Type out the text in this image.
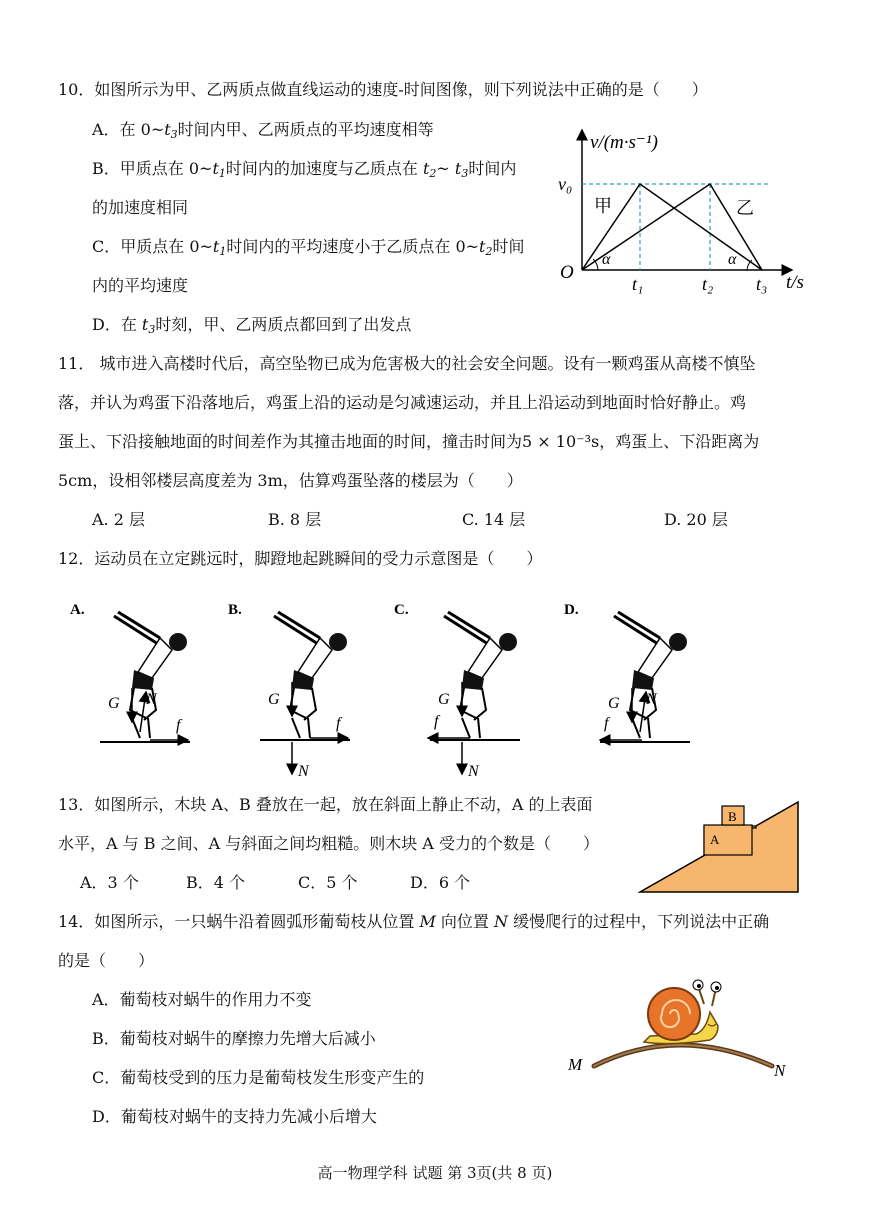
10．如图所示为甲、乙两质点做直线运动的速度-时间图像，则下列说法中正确的是（　　）
A．在 $0\sim t_3$时间内甲、乙两质点的平均速度相等
B．甲质点在 $0\sim t_1$时间内的加速度与乙质点在 $t_2\sim$ $t_3$时间内
的加速度相同
C．甲质点在 $0\sim t_1$时间内的平均速度小于乙质点在 $0\sim t_2$时间
内的平均速度
D．在 $t_3$时刻，甲、乙两质点都回到了出发点
v/(m·s⁻¹)
t/s
O
v₀
甲	乙
α	α
t₁	t₂ t₃
11． 城市进入高楼时代后，高空坠物已成为危害极大的社会安全问题。设有一颗鸡蛋从高楼不慎坠
落，并认为鸡蛋下沿落地后，鸡蛋上沿的运动是匀减速运动，并且上沿运动到地面时恰好静止。鸡
蛋上、下沿接触地面的时间差作为其撞击地面的时间，撞击时间为5 × 10⁻³s，鸡蛋上、下沿距离为
5cm，设相邻楼层高度差为 3m，估算鸡蛋坠落的楼层为（　　）
A. 2 层	B. 8 层	C. 14 层	D. 20 层
12．运动员在立定跳远时，脚蹬地起跳瞬间的受力示意图是（　　）
A.
G N
f
B.
G
N
f
C.
G
N
f
D.
G N
f
13．如图所示，木块 A、B 叠放在一起，放在斜面上静止不动，A 的上表面
水平，A 与 B 之间、A 与斜面之间均粗糙。则木块 A 受力的个数是（　　）
A．3 个	B．4 个	C．5 个	D．6 个
A
B
14．如图所示，一只蜗牛沿着圆弧形葡萄枝从位置 M 向位置 N 缓慢爬行的过程中，下列说法中正确
的是（　　）
A．葡萄枝对蜗牛的作用力不变
B．葡萄枝对蜗牛的摩擦力先增大后减小
C．葡萄枝受到的压力是葡萄枝发生形变产生的
D．葡萄枝对蜗牛的支持力先减小后增大
M	N
高一物理学科 试题 第 3页(共 8 页)
